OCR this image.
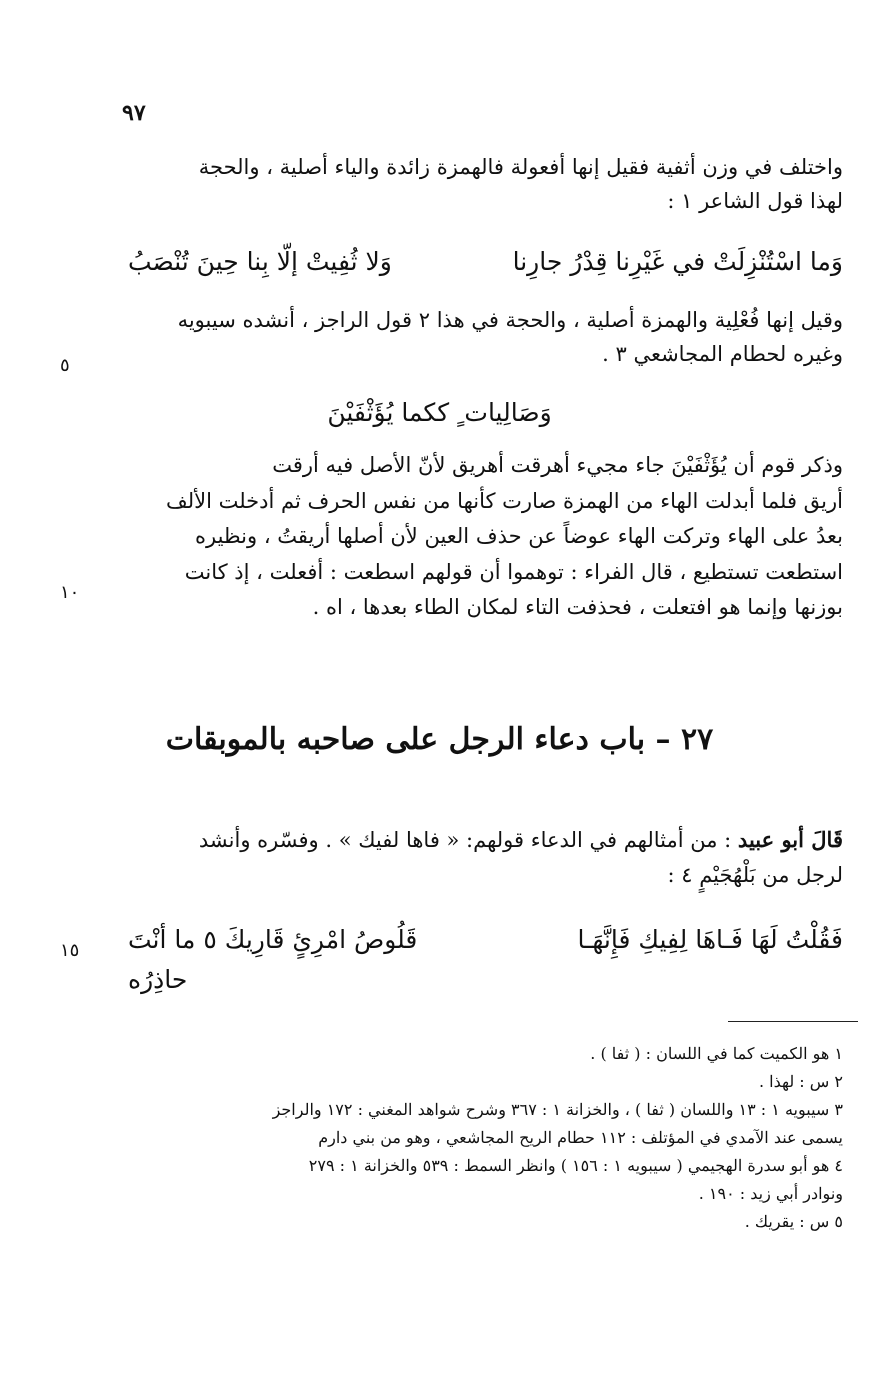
٩٧
واختلف في وزن أثفية فقيل إنها أفعولة فالهمزة زائدة والياء أصلية ، والحجة
لهذا قول الشاعر ١ :
وَما اسْتُنْزِلَتْ في غَيْرِنا قِدْرُ جارِنا
وَلا ثُفِيتْ إلّا بِنا حِينَ تُنْصَبُ
وقيل إنها فُعْلِية والهمزة أصلية ، والحجة في هذا ٢ قول الراجز ، أنشده سيبويه
وغيره لحطام المجاشعي ٣ .
٥
وَصَالِيات ٍ ككما يُؤَثْفَيْنَ
وذكر قوم أن يُؤَثْفَيْنَ جاء مجيء أهرقت أهريق لأنّ الأصل فيه أرقت
أريق فلما أبدلت الهاء من الهمزة صارت كأنها من نفس الحرف ثم أدخلت الألف
بعدُ على الهاء وتركت الهاء عوضاً عن حذف العين لأن أصلها أريقتُ ، ونظيره
استطعت تستطيع ، قال الفراء : توهموا أن قولهم اسطعت : أفعلت ، إذ كانت
بوزنها وإنما هو افتعلت ، فحذفت التاء لمكان الطاء بعدها ، اه .
١٠
٢٧ – باب دعاء الرجل على صاحبه بالموبقات
قَالَ أبو عبيد : من أمثالهم في الدعاء قولهم: « فاها لفيك » . وفسّره وأنشد
لرجل من بَلْهُجَيْمٍ ٤ :
فَقُلْتُ لَهَا فَـاهَا لِفِيكِ فَإِنَّهَـا
قَلُوصُ امْرِئٍ قَارِيكَ ٥ ما أنْتَ حاذِرُه
١٥
١ هو الكميت كما في اللسان : ( ثفا ) .
٢ س : لهذا .
٣ سيبويه ١ : ١٣ واللسان ( ثفا ) ، والخزانة ١ : ٣٦٧ وشرح شواهد المغني : ١٧٢ والراجز
يسمى عند الآمدي في المؤتلف : ١١٢ حطام الريح المجاشعي ، وهو من بني دارم
٤ هو أبو سدرة الهجيمي ( سيبويه ١ : ١٥٦ ) وانظر السمط : ٥٣٩ والخزانة ١ : ٢٧٩
ونوادر أبي زيد : ١٩٠ .
٥ س : يقريك .
